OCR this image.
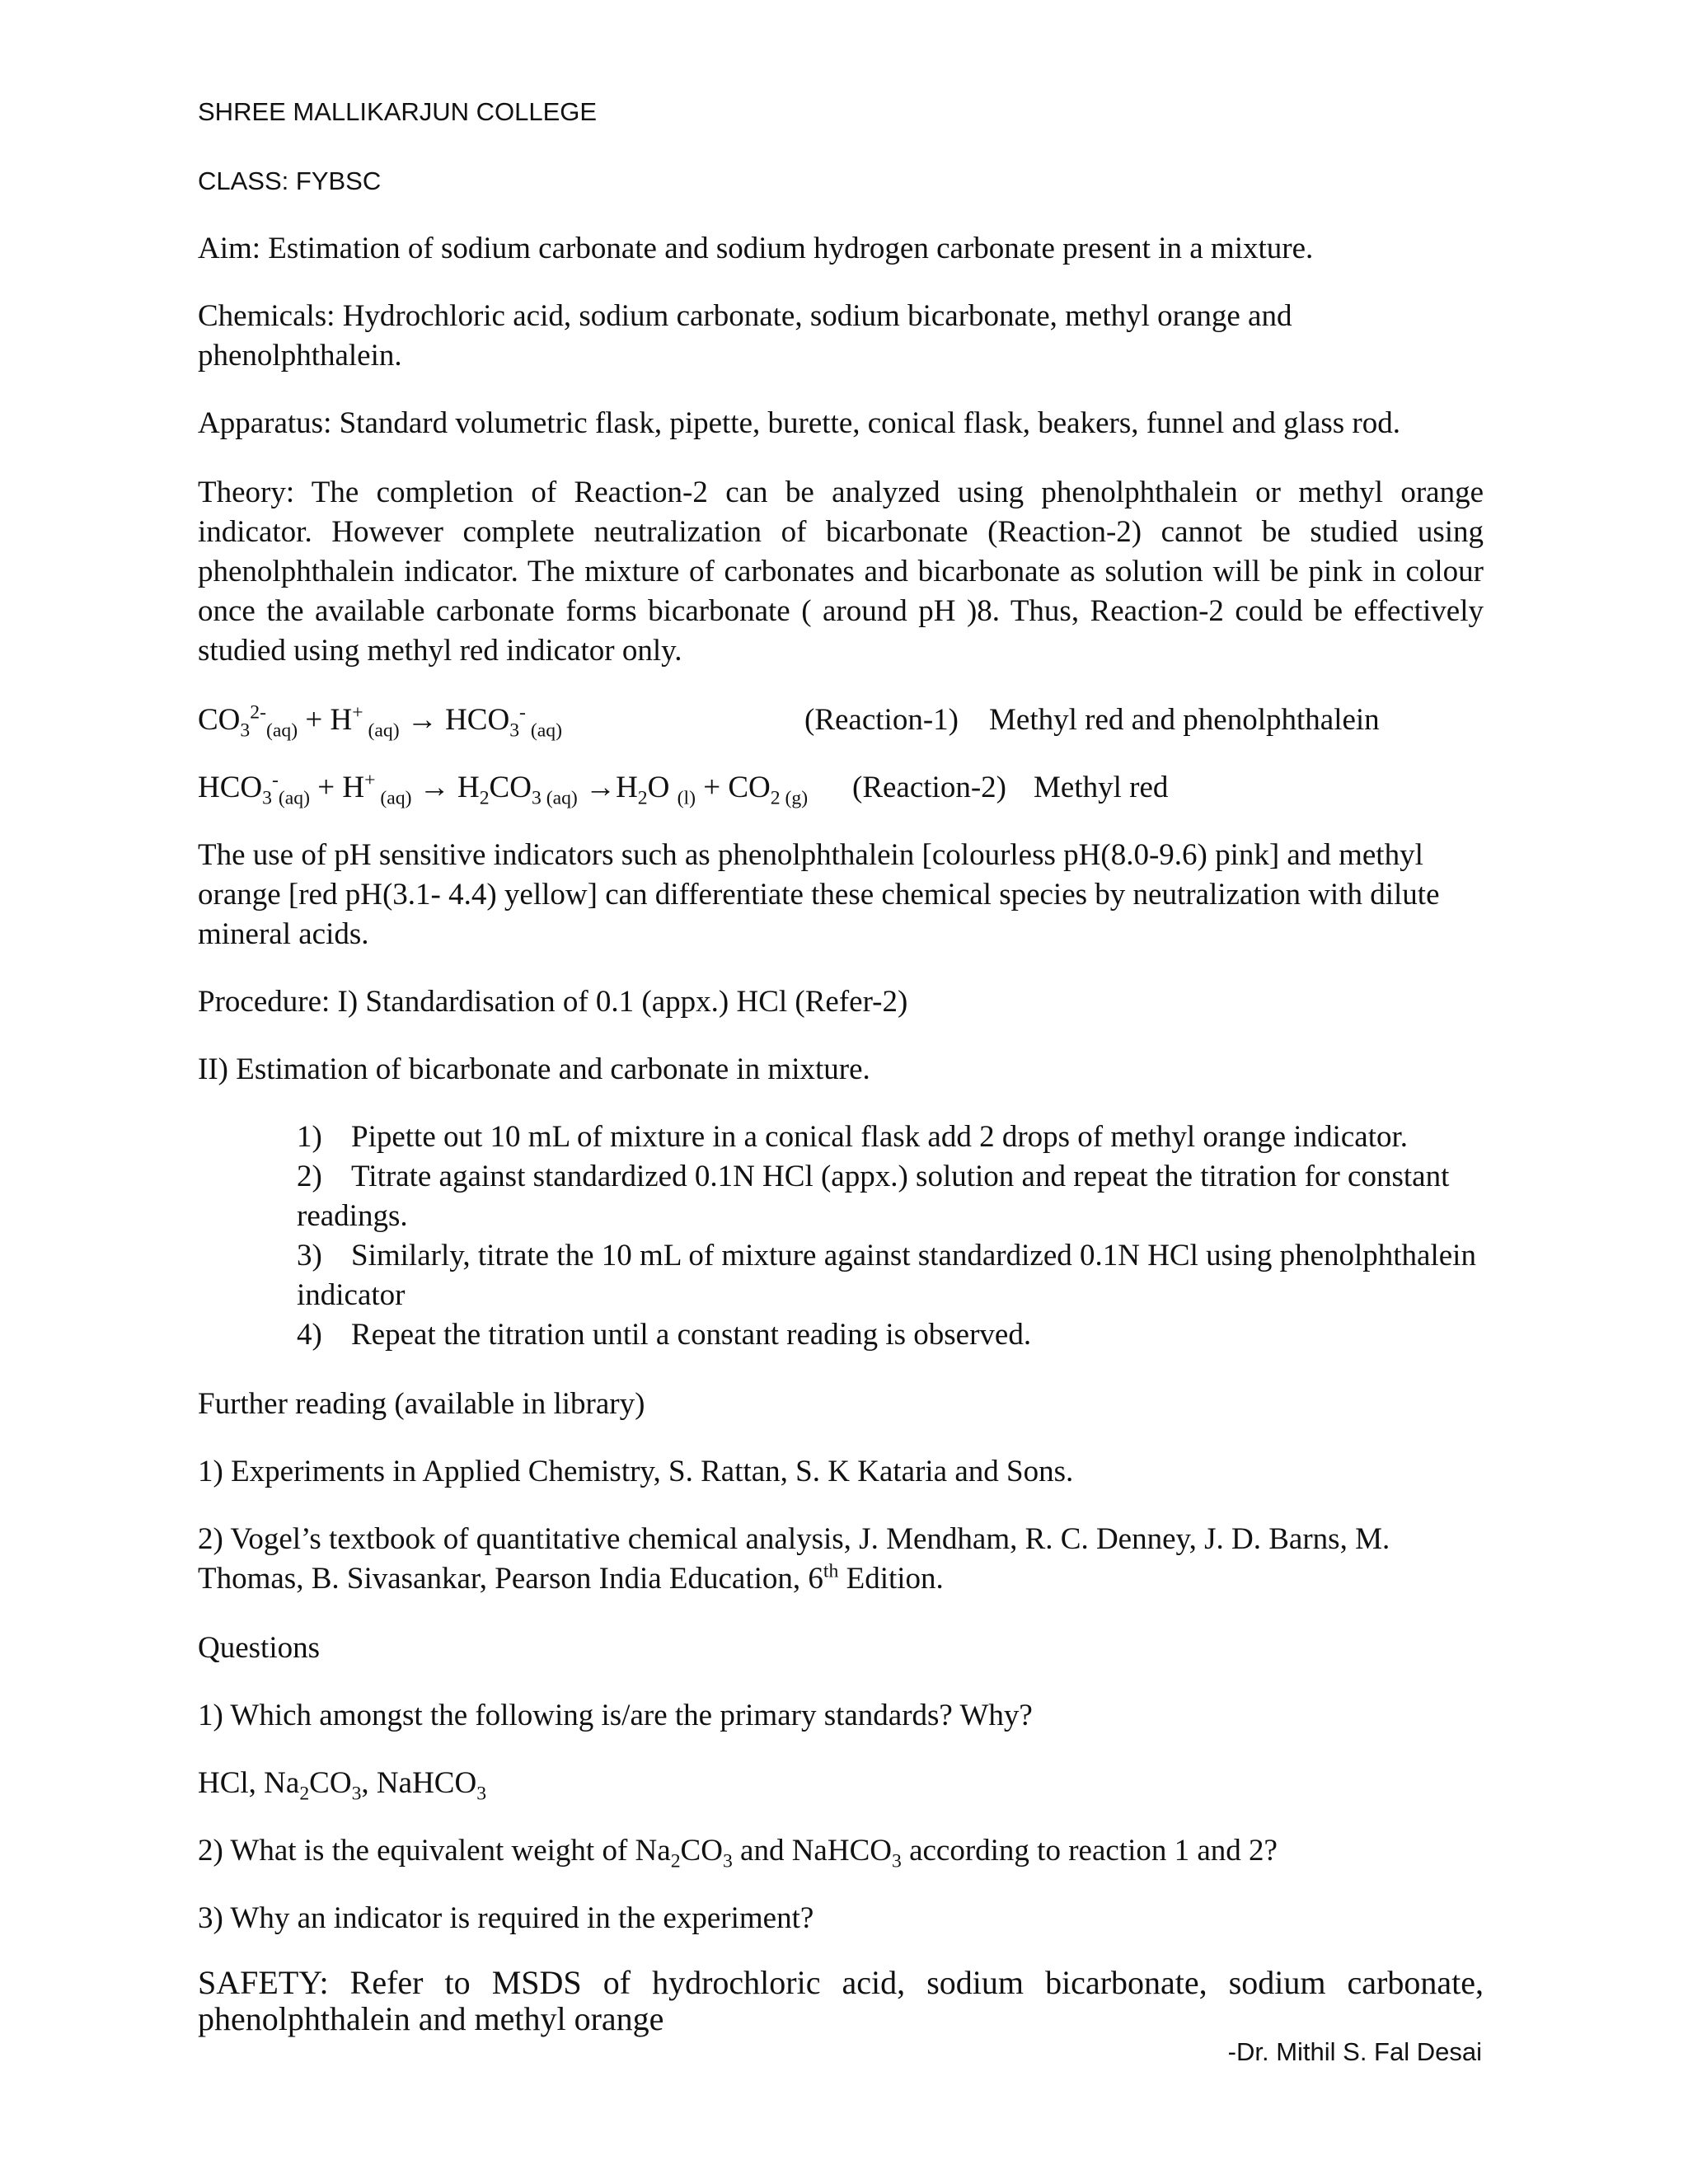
SHREE MALLIKARJUN COLLEGE
CLASS: FYBSC

Aim: Estimation of sodium carbonate and sodium hydrogen carbonate present in a mixture.

Chemicals: Hydrochloric acid, sodium carbonate, sodium bicarbonate, methyl orange and phenolphthalein.

Apparatus: Standard volumetric flask, pipette, burette, conical flask, beakers, funnel and glass rod.

Theory: The completion of Reaction-2 can be analyzed using phenolphthalein or methyl orange indicator. However complete neutralization of bicarbonate (Reaction-2) cannot be studied using phenolphthalein indicator. The mixture of carbonates and bicarbonate as solution will be pink in colour once the available carbonate forms bicarbonate ( around pH )8. Thus, Reaction-2 could be effectively studied using methyl red indicator only.

$CO_3^{2-}_{(aq)} + H^+$ $_{(aq)} \to HCO_3^-$ $_{(aq)}$	(Reaction-1) Methyl red and phenolphthalein
$HCO_3^-_{(aq)} + H^+$ $_{(aq)} \to H_2CO_{3 (aq)} \to H_2O$ $_{(l)} + CO_{2 (g)}$ (Reaction-2) Methyl red

The use of pH sensitive indicators such as phenolphthalein [colourless pH(8.0-9.6) pink] and methyl orange [red pH(3.1- 4.4) yellow] can differentiate these chemical species by neutralization with dilute mineral acids.

Procedure: I) Standardisation of 0.1 (appx.) HCl (Refer-2)

II) Estimation of bicarbonate and carbonate in mixture.

1) Pipette out 10 mL of mixture in a conical flask add 2 drops of methyl orange indicator.

2) Titrate against standardized 0.1N HCl (appx.) solution and repeat the titration for constant readings.

3) Similarly, titrate the 10 mL of mixture against standardized 0.1N HCl using phenolphthalein indicator

4) Repeat the titration until a constant reading is observed.

Further reading (available in library)

1) Experiments in Applied Chemistry, S. Rattan, S. K Kataria and Sons.

2) Vogel’s textbook of quantitative chemical analysis, J. Mendham, R. C. Denney, J. D. Barns, M. Thomas, B. Sivasankar, Pearson India Education, 6th Edition.

Questions

1) Which amongst the following is/are the primary standards? Why?

HCl, $Na_2CO_3$, NaHCO$_3$

2) What is the equivalent weight of $Na_2CO_3$ and NaHCO$_3$ according to reaction 1 and 2?

3) Why an indicator is required in the experiment?

SAFETY: Refer to MSDS of hydrochloric acid, sodium bicarbonate, sodium carbonate, phenolphthalein and methyl orange

-Dr. Mithil S. Fal Desai
